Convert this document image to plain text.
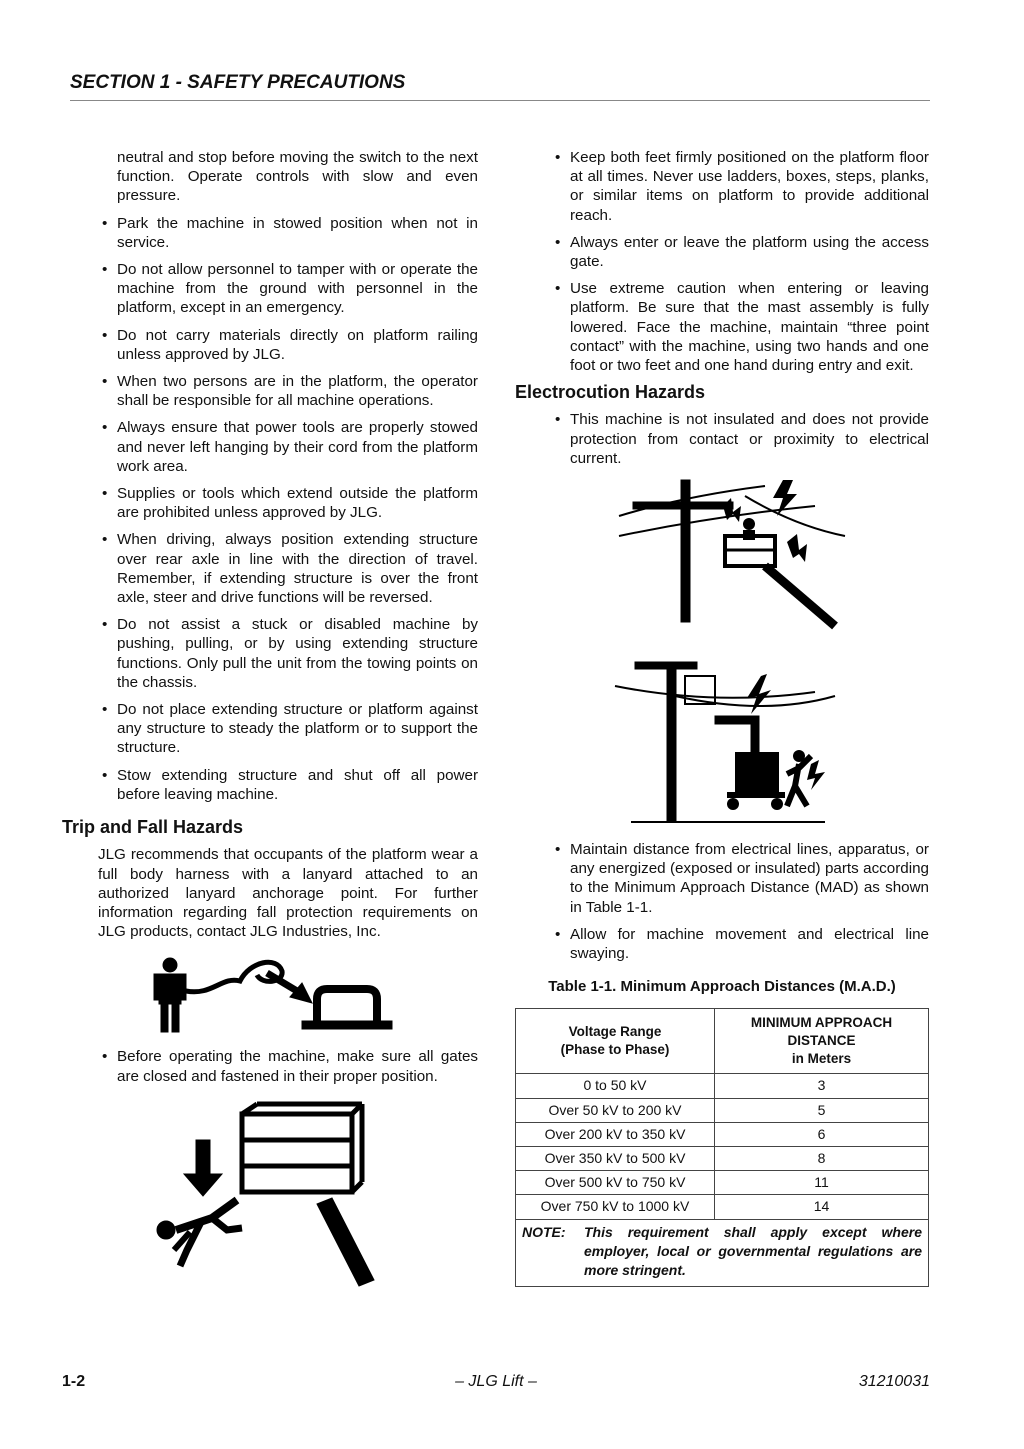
SECTION 1 - SAFETY PRECAUTIONS

neutral and stop before moving the switch to the next function. Operate controls with slow and even pressure.

• Park the machine in stowed position when not in service.
• Do not allow personnel to tamper with or operate the machine from the ground with personnel in the platform, except in an emergency.
• Do not carry materials directly on platform railing unless approved by JLG.
• When two persons are in the platform, the operator shall be responsible for all machine operations.
• Always ensure that power tools are properly stowed and never left hanging by their cord from the platform work area.
• Supplies or tools which extend outside the platform are prohibited unless approved by JLG.
• When driving, always position extending structure over rear axle in line with the direction of travel. Remember, if extending structure is over the front axle, steer and drive functions will be reversed.
• Do not assist a stuck or disabled machine by pushing, pulling, or by using extending structure functions. Only pull the unit from the towing points on the chassis.
• Do not place extending structure or platform against any structure to steady the platform or to support the structure.
• Stow extending structure and shut off all power before leaving machine.
Trip and Fall Hazards

JLG recommends that occupants of the platform wear a full body harness with a lanyard attached to an authorized lanyard anchorage point. For further information regarding fall protection requirements on JLG products, contact JLG Industries, Inc.

• Before operating the machine, make sure all gates are closed and fastened in their proper position.
• Keep both feet firmly positioned on the platform floor at all times. Never use ladders, boxes, steps, planks, or similar items on platform to provide additional reach.
• Always enter or leave the platform using the access gate.
• Use extreme caution when entering or leaving platform. Be sure that the mast assembly is fully lowered. Face the machine, maintain “three point contact” with the machine, using two hands and one foot or two feet and one hand during entry and exit.
Electrocution Hazards
• This machine is not insulated and does not provide protection from contact or proximity to electrical current.
• Maintain distance from electrical lines, apparatus, or any energized (exposed or insulated) parts according to the Minimum Approach Distance (MAD) as shown in Table 1-1.
• Allow for machine movement and electrical line swaying.
Table 1-1. Minimum Approach Distances (M.A.D.)
Voltage Range
(Phase to Phase)	MINIMUM APPROACH DISTANCE
in Meters
0 to 50 kV	3
Over 50 kV to 200 kV	5
Over 200 kV to 350 kV	6
Over 350 kV to 500 kV	8
Over 500 kV to 750 kV	11
Over 750 kV to 1000 kV	14

NOTE: This requirement shall apply except where employer, local or governmental regulations are more stringent.	
1-2	– JLG Lift –	31210031
